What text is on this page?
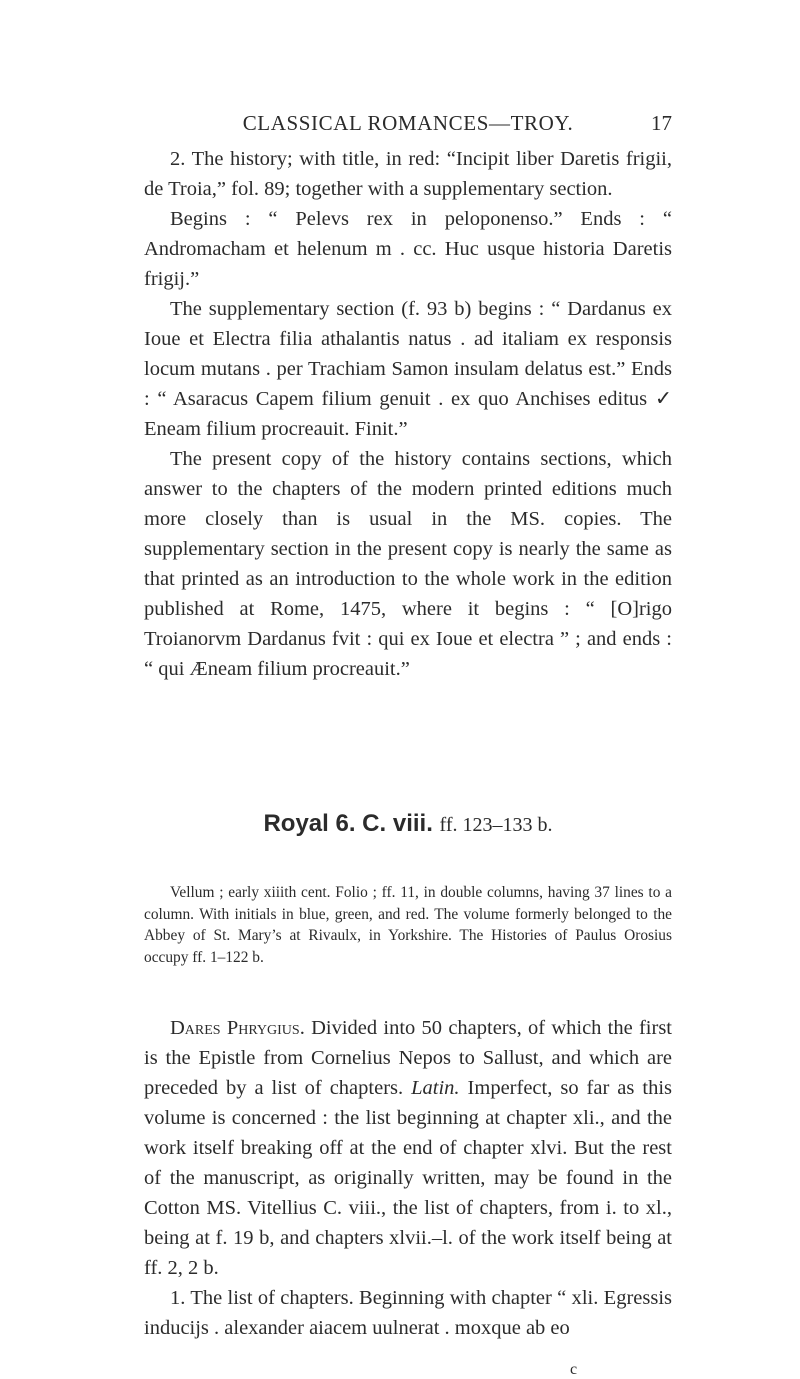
CLASSICAL ROMANCES—TROY.	17

2. The history; with title, in red: “Incipit liber Daretis frigii, de Troia,” fol. 89; together with a supplementary section.

Begins : “ Pelevs rex in peloponenso.” Ends : “ Andromacham et helenum m . cc. Huc usque historia Daretis frigij.”

The supplementary section (f. 93 b) begins : “ Dardanus ex Ioue et Electra filia athalantis natus . ad italiam ex responsis locum mutans . per Trachiam Samon insulam delatus est.” Ends : “ Asaracus Capem filium genuit . ex quo Anchises editus ✓ Eneam filium procreauit. Finit.”

The present copy of the history contains sections, which answer to the chapters of the modern printed editions much more closely than is usual in the MS. copies. The supplementary section in the present copy is nearly the same as that printed as an introduction to the whole work in the edition published at Rome, 1475, where it begins : “ [O]rigo Troianorvm Dardanus fvit : qui ex Ioue et electra ” ; and ends : “ qui Æneam filium procreauit.”

Royal 6. C. viii. ff. 123–133 b.

Vellum ; early xiiith cent. Folio ; ff. 11, in double columns, having 37 lines to a column. With initials in blue, green, and red. The volume formerly belonged to the Abbey of St. Mary’s at Rivaulx, in Yorkshire. The Histories of Paulus Orosius occupy ff. 1–122 b.

Dares Phrygius. Divided into 50 chapters, of which the first is the Epistle from Cornelius Nepos to Sallust, and which are preceded by a list of chapters. Latin. Imperfect, so far as this volume is concerned : the list beginning at chapter xli., and the work itself breaking off at the end of chapter xlvi. But the rest of the manuscript, as originally written, may be found in the Cotton MS. Vitellius C. viii., the list of chapters, from i. to xl., being at f. 19 b, and chapters xlvii.–l. of the work itself being at ff. 2, 2 b.

1. The list of chapters. Beginning with chapter “ xli. Egressis inducijs . alexander aiacem uulnerat . moxque ab eo

c
